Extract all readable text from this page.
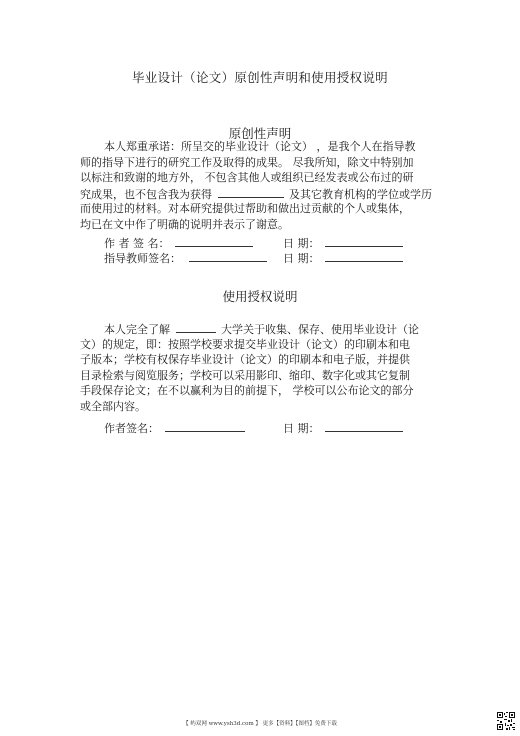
毕业设计（论文）原创性声明和使用授权说明
原创性声明
本人郑重承诺：所呈交的毕业设计（论文） ，是我个人在指导教
师的指导下进行的研究工作及取得的成果。 尽我所知，除文中特别加
以标注和致谢的地方外， 不包含其他人或组织已经发表或公布过的研
究成果，也不包含我为获得	及其它教育机构的学位或学历
而使用过的材料。对本研究提供过帮助和做出过贡献的个人或集体，
均已在文中作了明确的说明并表示了谢意。
作 者 签 名：	日 期：
指导教师签名：	日 期：
使用授权说明
本人完全了解	大学关于收集、保存、使用毕业设计（论
文）的规定，即：按照学校要求提交毕业设计（论文）的印刷本和电
子版本；学校有权保存毕业设计（论文）的印刷本和电子版，并提供
目录检索与阅览服务；学校可以采用影印、缩印、数字化或其它复制
手段保存论文；在不以赢利为目的前提下， 学校可以公布论文的部分
或全部内容。
作者签名：	日 期：
【 屿双网 www.ysh3d.com 】 更多【资料】【图档】免费下载
